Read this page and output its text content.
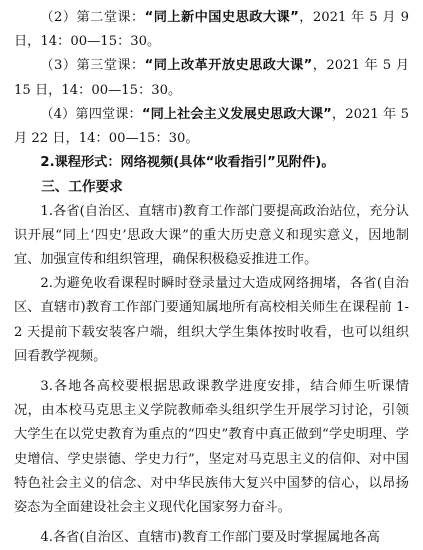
（2）第二堂课：“同上新中国史思政大课”，2021 年 5 月 9 日，14：00—15：30。

（3）第三堂课：“同上改革开放史思政大课”，2021 年 5 月 15 日，14：00—15：30。

（4）第四堂课：“同上社会主义发展史思政大课”，2021 年 5 月 22 日，14：00—15：30。

2.课程形式：网络视频(具体“收看指引”见附件)。

三、工作要求

1.各省(自治区、直辖市)教育工作部门要提高政治站位，充分认识开展“同上‘四史’思政大课”的重大历史意义和现实意义，因地制宜、加强宣传和组织管理，确保积极稳妥推进工作。

2.为避免收看课程时瞬时登录量过大造成网络拥堵，各省(自治区、直辖市)教育工作部门要通知属地所有高校相关师生在课程前 1-2 天提前下载安装客户端，组织大学生集体按时收看，也可以组织回看教学视频。

3.各地各高校要根据思政课教学进度安排，结合师生听课情况，由本校马克思主义学院教师牵头组织学生开展学习讨论，引领大学生在以党史教育为重点的“四史”教育中真正做到“学史明理、学史增信、学史崇德、学史力行”，坚定对马克思主义的信仰、对中国特色社会主义的信念、对中华民族伟大复兴中国梦的信心，以昂扬姿态为全面建设社会主义现代化国家努力奋斗。

4.各省(自治区、直辖市)教育工作部门要及时掌握属地各高
